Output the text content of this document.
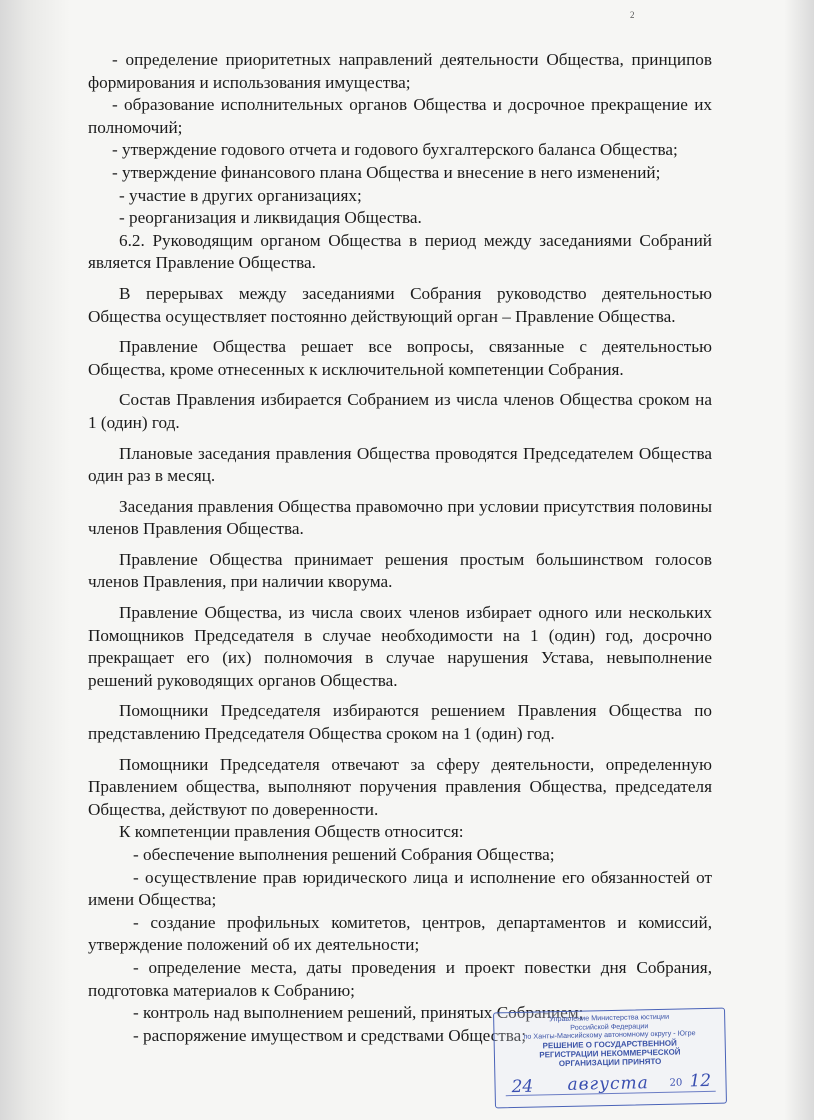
2

- определение приоритетных направлений деятельности Общества, принципов формирования и использования имущества;

- образование исполнительных органов Общества и досрочное прекращение их полномочий;

- утверждение годового отчета и годового бухгалтерского баланса Общества;

- утверждение финансового плана Общества и внесение в него изменений;

- участие в других организациях;

- реорганизация и ликвидация Общества.

6.2. Руководящим органом Общества в период между заседаниями Собраний является Правление Общества.

В перерывах между заседаниями Собрания руководство деятельностью Общества осуществляет постоянно действующий орган – Правление Общества.

Правление Общества решает все вопросы, связанные с деятельностью Общества, кроме отнесенных к исключительной компетенции Собрания.

Состав Правления избирается Собранием из числа членов Общества сроком на 1 (один) год.

Плановые заседания правления Общества проводятся Председателем Общества один раз в месяц.

Заседания правления Общества правомочно при условии присутствия половины членов Правления Общества.

Правление Общества принимает решения простым большинством голосов членов Правления, при наличии кворума.

Правление Общества, из числа своих членов избирает одного или нескольких Помощников Председателя в случае необходимости на 1 (один) год, досрочно прекращает его (их) полномочия в случае нарушения Устава, невыполнение решений руководящих органов Общества.

Помощники Председателя избираются решением Правления Общества по представлению Председателя Общества сроком на 1 (один) год.

Помощники Председателя отвечают за сферу деятельности, определенную Правлением общества, выполняют поручения правления Общества, председателя Общества, действуют по доверенности.

К компетенции правления Обществ относится:

- обеспечение выполнения решений Собрания Общества;

- осуществление прав юридического лица и исполнение его обязанностей от имени Общества;

- создание профильных комитетов, центров, департаментов и комиссий, утверждение положений об их деятельности;

- определение места, даты проведения и проект повестки дня Собрания, подготовка материалов к Собранию;

- контроль над выполнением решений, принятых Собранием;

- распоряжение имуществом и средствами Общества;

Управление Министерства юстиции
Российской Федерации
по Ханты-Мансийскому автономному округу - Югре
РЕШЕНИЕ О ГОСУДАРСТВЕННОЙ
РЕГИСТРАЦИИ НЕКОММЕРЧЕСКОЙ
ОРГАНИЗАЦИИ ПРИНЯТО
24 августа 20 12
